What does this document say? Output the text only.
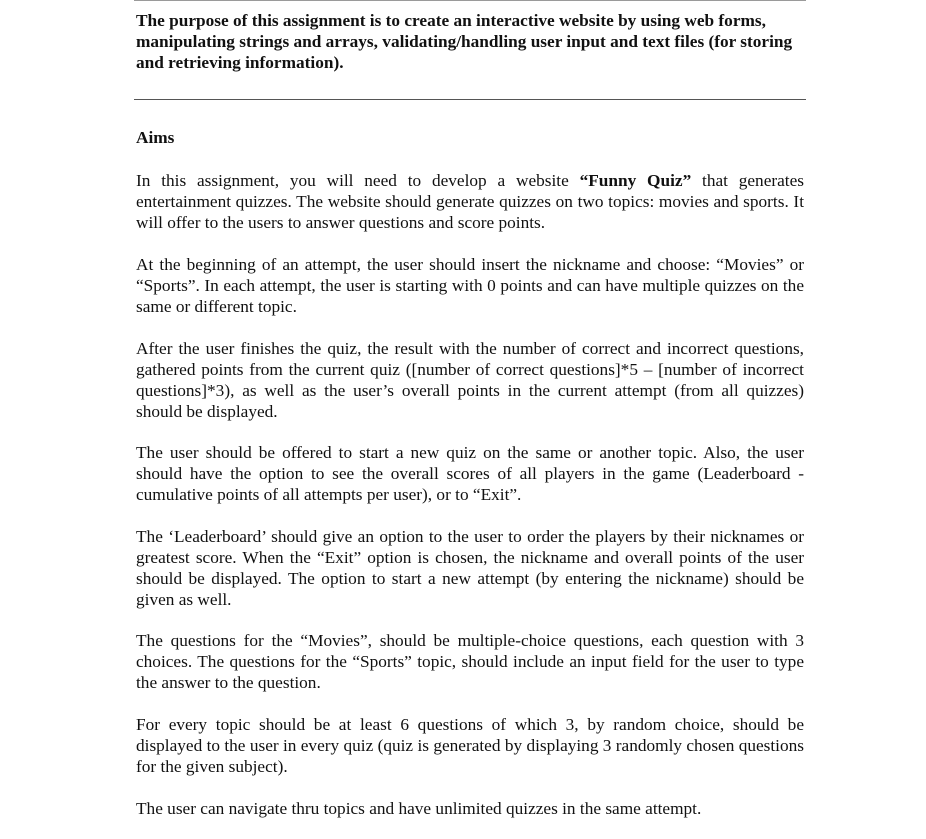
The purpose of this assignment is to create an interactive website by using web forms, manipulating strings and arrays, validating/handling user input and text files (for storing and retrieving information).

Aims

In this assignment, you will need to develop a website “Funny Quiz” that generates entertainment quizzes. The website should generate quizzes on two topics: movies and sports. It will offer to the users to answer questions and score points.

At the beginning of an attempt, the user should insert the nickname and choose: “Movies” or “Sports”. In each attempt, the user is starting with 0 points and can have multiple quizzes on the same or different topic.

After the user finishes the quiz, the result with the number of correct and incorrect questions, gathered points from the current quiz ([number of correct questions]*5 – [number of incorrect questions]*3), as well as the user’s overall points in the current attempt (from all quizzes) should be displayed.

The user should be offered to start a new quiz on the same or another topic. Also, the user should have the option to see the overall scores of all players in the game (Leaderboard - cumulative points of all attempts per user), or to “Exit”.

The ‘Leaderboard’ should give an option to the user to order the players by their nicknames or greatest score. When the “Exit” option is chosen, the nickname and overall points of the user should be displayed. The option to start a new attempt (by entering the nickname) should be given as well.

The questions for the “Movies”, should be multiple-choice questions, each question with 3 choices. The questions for the “Sports” topic, should include an input field for the user to type the answer to the question.

For every topic should be at least 6 questions of which 3, by random choice, should be displayed to the user in every quiz (quiz is generated by displaying 3 randomly chosen questions for the given subject).

The user can navigate thru topics and have unlimited quizzes in the same attempt.
